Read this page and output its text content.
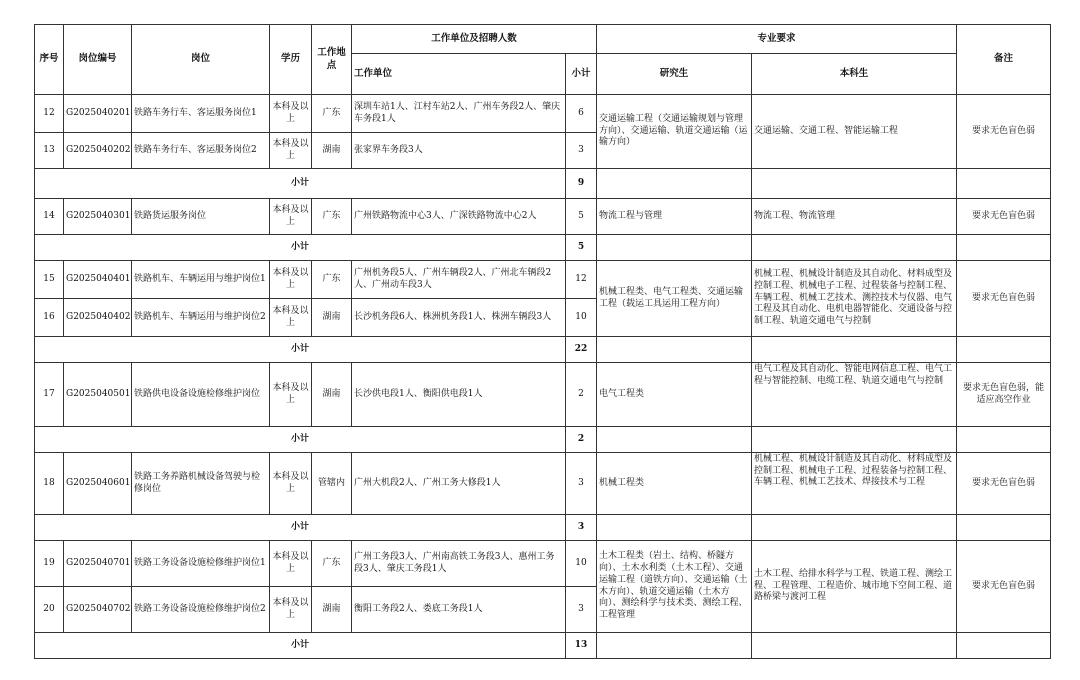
序号	岗位编号	岗位	学历	工作地点	工作单位及招聘人数		专业要求		备注
					工作单位	小计	研究生	本科生	
12	G2025040201	铁路车务行车、客运服务岗位1	本科及以上	广东	深圳车站1人、江村车站2人、广州车务段2人、肇庆车务段1人	6	交通运输工程（交通运输规划与管理方向）、交通运输、轨道交通运输（运输方向）	交通运输、交通工程、智能运输工程	要求无色盲色弱
13	G2025040202	铁路车务行车、客运服务岗位2	本科及以上	湖南	张家界车务段3人	3			
小计						9			
14	G2025040301	铁路货运服务岗位	本科及以上	广东	广州铁路物流中心3人、广深铁路物流中心2人	5	物流工程与管理	物流工程、物流管理	要求无色盲色弱
小计						5			
15	G2025040401	铁路机车、车辆运用与维护岗位1	本科及以上	广东	广州机务段5人、广州车辆段2人、广州北车辆段2人、广州动车段3人	12	机械工程类、电气工程类、交通运输工程（载运工具运用工程方向）	机械工程、机械设计制造及其自动化、材料成型及控制工程、机械电子工程、过程装备与控制工程、车辆工程、机械工艺技术、测控技术与仪器、电气工程及其自动化、电机电器智能化、交通设备与控制工程、轨道交通电气与控制	要求无色盲色弱
16	G2025040402	铁路机车、车辆运用与维护岗位2	本科及以上	湖南	长沙机务段6人、株洲机务段1人、株洲车辆段3人	10			
小计						22			
17	G2025040501	铁路供电设备设施检修维护岗位	本科及以上	湖南	长沙供电段1人、衡阳供电段1人	2	电气工程类	电气工程及其自动化、智能电网信息工程、电气工程与智能控制、电缆工程、轨道交通电气与控制	要求无色盲色弱，能适应高空作业
小计						2			
18	G2025040601	铁路工务养路机械设备驾驶与检修岗位	本科及以上	管辖内	广州大机段2人、广州工务大修段1人	3	机械工程类	机械工程、机械设计制造及其自动化、材料成型及控制工程、机械电子工程、过程装备与控制工程、车辆工程、机械工艺技术、焊接技术与工程	要求无色盲色弱
小计						3			
19	G2025040701	铁路工务设备设施检修维护岗位1	本科及以上	广东	广州工务段3人、广州南高铁工务段3人、惠州工务段3人、肇庆工务段1人	10	土木工程类（岩土、结构、桥隧方向）、土木水利类（土木工程）、交通运输工程（道铁方向）、交通运输（土木方向）、轨道交通运输（土木方向）、测绘科学与技术类、测绘工程、工程管理	土木工程、给排水科学与工程、铁道工程、测绘工程、工程管理、工程造价、城市地下空间工程、道路桥梁与渡河工程	要求无色盲色弱
20	G2025040702	铁路工务设备设施检修维护岗位2	本科及以上	湖南	衡阳工务段2人、娄底工务段1人	3			
小计						13			
